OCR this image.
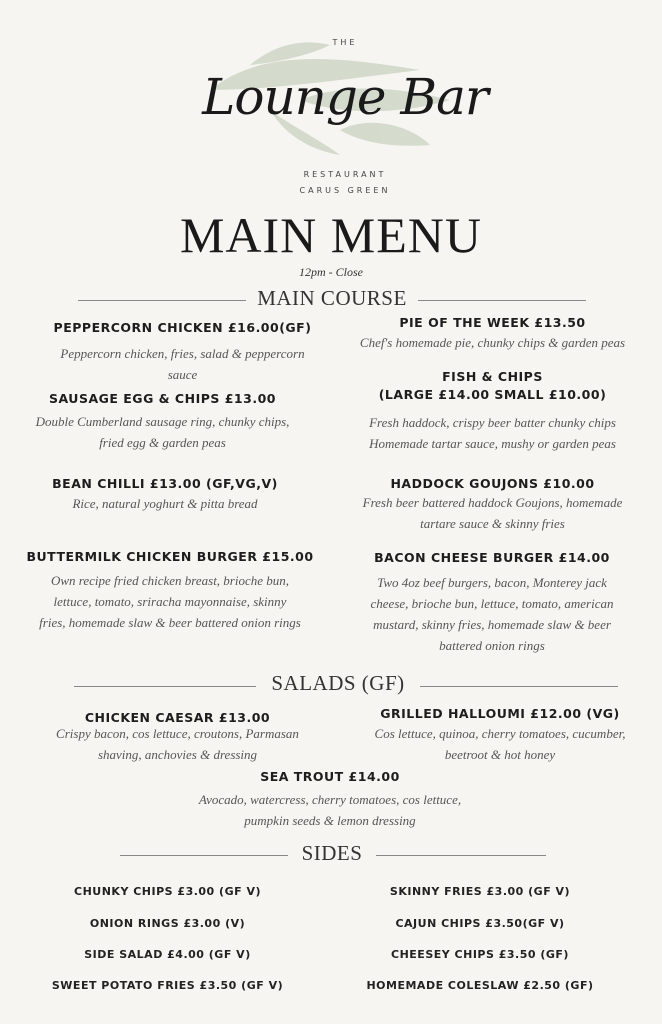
THE
Lounge Bar
RESTAURANT
CARUS GREEN
MAIN MENU
12pm - Close
MAIN COURSE
PEPPERCORN CHICKEN £16.00(GF)
Peppercorn chicken, fries, salad & peppercorn
sauce
SAUSAGE EGG & CHIPS £13.00
Double Cumberland sausage ring, chunky chips,
fried egg & garden peas
BEAN CHILLI £13.00 (GF,VG,V)
Rice, natural yoghurt & pitta bread
BUTTERMILK CHICKEN BURGER £15.00
Own recipe fried chicken breast, brioche bun,
lettuce, tomato, sriracha mayonnaise, skinny
fries, homemade slaw & beer battered onion rings
PIE OF THE WEEK £13.50
Chef's homemade pie, chunky chips & garden peas
FISH & CHIPS
(LARGE £14.00 SMALL £10.00)
Fresh haddock, crispy beer batter chunky chips
Homemade tartar sauce, mushy or garden peas
HADDOCK GOUJONS £10.00
Fresh beer battered haddock Goujons, homemade
tartare sauce & skinny fries
BACON CHEESE BURGER £14.00
Two 4oz beef burgers, bacon, Monterey jack
cheese, brioche bun, lettuce, tomato, american
mustard, skinny fries, homemade slaw & beer
battered onion rings
SALADS (GF)
CHICKEN CAESAR £13.00
Crispy bacon, cos lettuce, croutons, Parmasan
shaving, anchovies & dressing
GRILLED HALLOUMI £12.00 (VG)
Cos lettuce, quinoa, cherry tomatoes, cucumber,
beetroot & hot honey
SEA TROUT £14.00
Avocado, watercress, cherry tomatoes, cos lettuce,
pumpkin seeds & lemon dressing
SIDES
CHUNKY CHIPS £3.00 (GF V)
ONION RINGS £3.00 (V)
SIDE SALAD £4.00 (GF V)
SWEET POTATO FRIES £3.50 (GF V)
SKINNY FRIES £3.00 (GF V)
CAJUN CHIPS £3.50(GF V)
CHEESEY CHIPS £3.50 (GF)
HOMEMADE COLESLAW £2.50 (GF)
